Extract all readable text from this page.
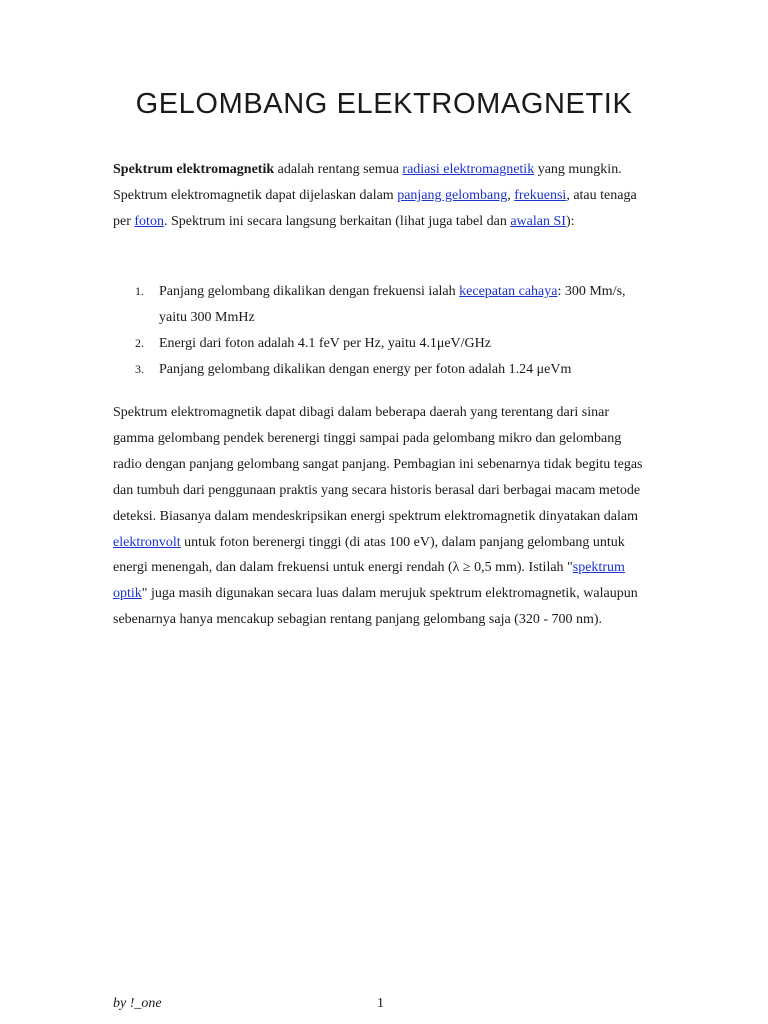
GELOMBANG ELEKTROMAGNETIK

Spektrum elektromagnetik adalah rentang semua radiasi elektromagnetik yang mungkin. Spektrum elektromagnetik dapat dijelaskan dalam panjang gelombang, frekuensi, atau tenaga per foton. Spektrum ini secara langsung berkaitan (lihat juga tabel dan awalan SI):

1. Panjang gelombang dikalikan dengan frekuensi ialah kecepatan cahaya: 300 Mm/s, yaitu 300 MmHz
2. Energi dari foton adalah 4.1 feV per Hz, yaitu 4.1μeV/GHz
3. Panjang gelombang dikalikan dengan energy per foton adalah 1.24 μeVm

Spektrum elektromagnetik dapat dibagi dalam beberapa daerah yang terentang dari sinar gamma gelombang pendek berenergi tinggi sampai pada gelombang mikro dan gelombang radio dengan panjang gelombang sangat panjang. Pembagian ini sebenarnya tidak begitu tegas dan tumbuh dari penggunaan praktis yang secara historis berasal dari berbagai macam metode deteksi. Biasanya dalam mendeskripsikan energi spektrum elektromagnetik dinyatakan dalam elektronvolt untuk foton berenergi tinggi (di atas 100 eV), dalam panjang gelombang untuk energi menengah, dan dalam frekuensi untuk energi rendah (λ ≥ 0,5 mm). Istilah "spektrum optik" juga masih digunakan secara luas dalam merujuk spektrum elektromagnetik, walaupun sebenarnya hanya mencakup sebagian rentang panjang gelombang saja (320 - 700 nm).

by !_one	1
